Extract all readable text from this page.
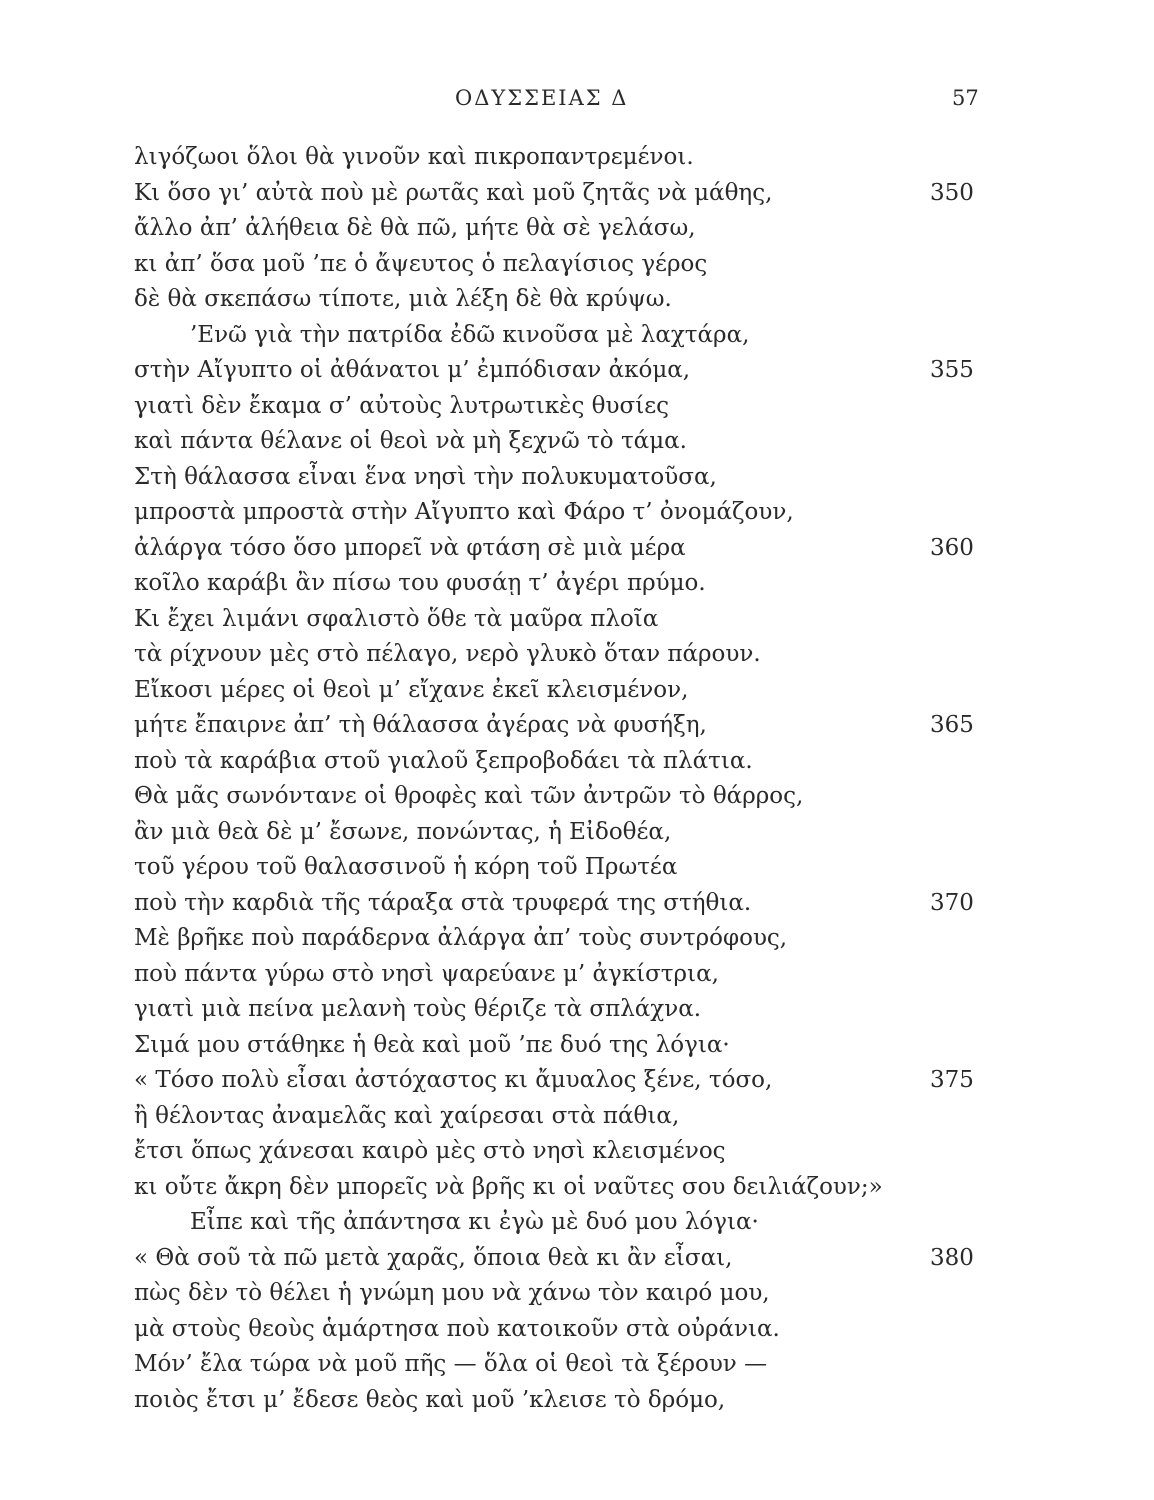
ΟΔΥΣΣΕΙΑΣ Δ	57
λιγόζωοι ὅλοι θὰ γινοῦν καὶ πικροπαντρεμένοι.
Κι ὅσο γι’ αὐτὰ ποὺ μὲ ρωτᾶς καὶ μοῦ ζητᾶς νὰ μάθης,	350
ἄλλο ἀπ’ ἀλήθεια δὲ θὰ πῶ, μήτε θὰ σὲ γελάσω,
κι ἀπ’ ὅσα μοῦ ’πε ὁ ἄψευτος ὁ πελαγίσιος γέρος
δὲ θὰ σκεπάσω τίποτε, μιὰ λέξη δὲ θὰ κρύψω.
’Ενῶ γιὰ τὴν πατρίδα ἐδῶ κινοῦσα μὲ λαχτάρα,
στὴν Αἴγυπτο οἱ ἀθάνατοι μ’ ἐμπόδισαν ἀκόμα,	355
γιατὶ δὲν ἔκαμα σ’ αὐτοὺς λυτρωτικὲς θυσίες
καὶ πάντα θέλανε οἱ θεοὶ νὰ μὴ ξεχνῶ τὸ τάμα.
Στὴ θάλασσα εἶναι ἕνα νησὶ τὴν πολυκυματοῦσα,
μπροστὰ μπροστὰ στὴν Αἴγυπτο καὶ Φάρο τ’ ὀνομάζουν,
ἀλάργα τόσο ὅσο μπορεῖ νὰ φτάση σὲ μιὰ μέρα	360
κοῖλο καράβι ἂν πίσω του φυσάῃ τ’ ἀγέρι πρύμο.
Κι ἔχει λιμάνι σφαλιστὸ ὅθε τὰ μαῦρα πλοῖα
τὰ ρίχνουν μὲς στὸ πέλαγο, νερὸ γλυκὸ ὅταν πάρουν.
Εἴκοσι μέρες οἱ θεοὶ μ’ εἴχανε ἐκεῖ κλεισμένον,
μήτε ἔπαιρνε ἀπ’ τὴ θάλασσα ἀγέρας νὰ φυσήξη,	365
ποὺ τὰ καράβια στοῦ γιαλοῦ ξεπροβοδάει τὰ πλάτια.
Θὰ μᾶς σωνόντανε οἱ θροφὲς καὶ τῶν ἀντρῶν τὸ θάρρος,
ἂν μιὰ θεὰ δὲ μ’ ἔσωνε, πονώντας, ἡ Εἰδοθέα,
τοῦ γέρου τοῦ θαλασσινοῦ ἡ κόρη τοῦ Πρωτέα
ποὺ τὴν καρδιὰ τῆς τάραξα στὰ τρυφερά της στήθια.	370
Μὲ βρῆκε ποὺ παράδερνα ἀλάργα ἀπ’ τοὺς συντρόφους,
ποὺ πάντα γύρω στὸ νησὶ ψαρεύανε μ’ ἀγκίστρια,
γιατὶ μιὰ πείνα μελανὴ τοὺς θέριζε τὰ σπλάχνα.
Σιμά μου στάθηκε ἡ θεὰ καὶ μοῦ ’πε δυό της λόγια·
« Τόσο πολὺ εἶσαι ἀστόχαστος κι ἄμυαλος ξένε, τόσο,	375
ἢ θέλοντας ἀναμελᾶς καὶ χαίρεσαι στὰ πάθια,
ἔτσι ὅπως χάνεσαι καιρὸ μὲς στὸ νησὶ κλεισμένος
κι οὔτε ἄκρη δὲν μπορεῖς νὰ βρῆς κι οἱ ναῦτες σου δειλιάζουν;»
Εἶπε καὶ τῆς ἀπάντησα κι ἐγὼ μὲ δυό μου λόγια·
« Θὰ σοῦ τὰ πῶ μετὰ χαρᾶς, ὅποια θεὰ κι ἂν εἶσαι,	380
πὼς δὲν τὸ θέλει ἡ γνώμη μου νὰ χάνω τὸν καιρό μου,
μὰ στοὺς θεοὺς ἁμάρτησα ποὺ κατοικοῦν στὰ οὐράνια.
Μόν’ ἔλα τώρα νὰ μοῦ πῆς — ὅλα οἱ θεοὶ τὰ ξέρουν —
ποιὸς ἔτσι μ’ ἔδεσε θεὸς καὶ μοῦ ’κλεισε τὸ δρόμο,
